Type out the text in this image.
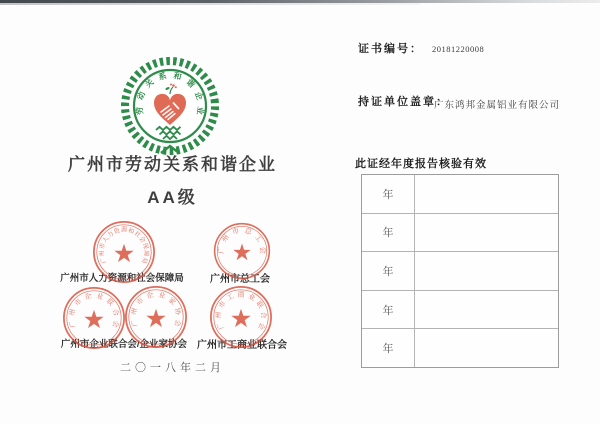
劳动关系和谐企业
广州市劳动关系和谐企业
AA级
广州市人力资源和社会保障局	广州市总工会
广州市企业联合会/企业家协会 广州市工商业联合会
广州市人力资源和社会保障局
广州市总工会
广州市企业联合会 广州市企业家协会	广州市工商业联合会
二〇一八年二月
证书编号： 20181220008
持证单位盖章：
广东鸿邦金属铝业有限公司
此证经年度报告核验有效
年
年
年
年
年
